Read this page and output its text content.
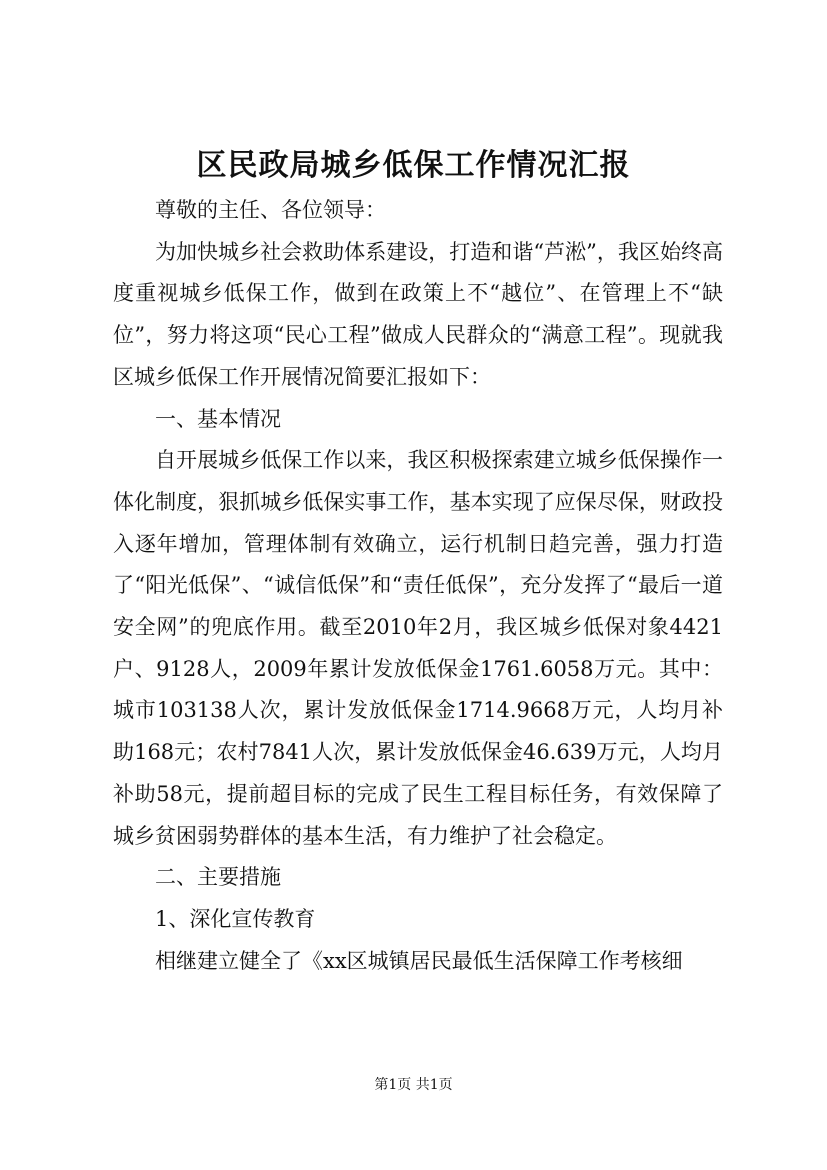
区民政局城乡低保工作情况汇报

尊敬的主任、各位领导：

为加快城乡社会救助体系建设，打造和谐“芦淞”，我区始终高度重视城乡低保工作，做到在政策上不“越位”、在管理上不“缺位”，努力将这项“民心工程”做成人民群众的“满意工程”。现就我区城乡低保工作开展情况简要汇报如下：

一、基本情况

自开展城乡低保工作以来，我区积极探索建立城乡低保操作一体化制度，狠抓城乡低保实事工作，基本实现了应保尽保，财政投入逐年增加，管理体制有效确立，运行机制日趋完善，强力打造了“阳光低保”、“诚信低保”和“责任低保”，充分发挥了“最后一道安全网”的兜底作用。截至2010年2月，我区城乡低保对象4421户、9128人，2009年累计发放低保金1761.6058万元。其中：城市103138人次，累计发放低保金1714.9668万元，人均月补助168元；农村7841人次，累计发放低保金46.639万元，人均月补助58元，提前超目标的完成了民生工程目标任务，有效保障了城乡贫困弱势群体的基本生活，有力维护了社会稳定。

二、主要措施

1、深化宣传教育

相继建立健全了《xx区城镇居民最低生活保障工作考核细

第1页 共1页
